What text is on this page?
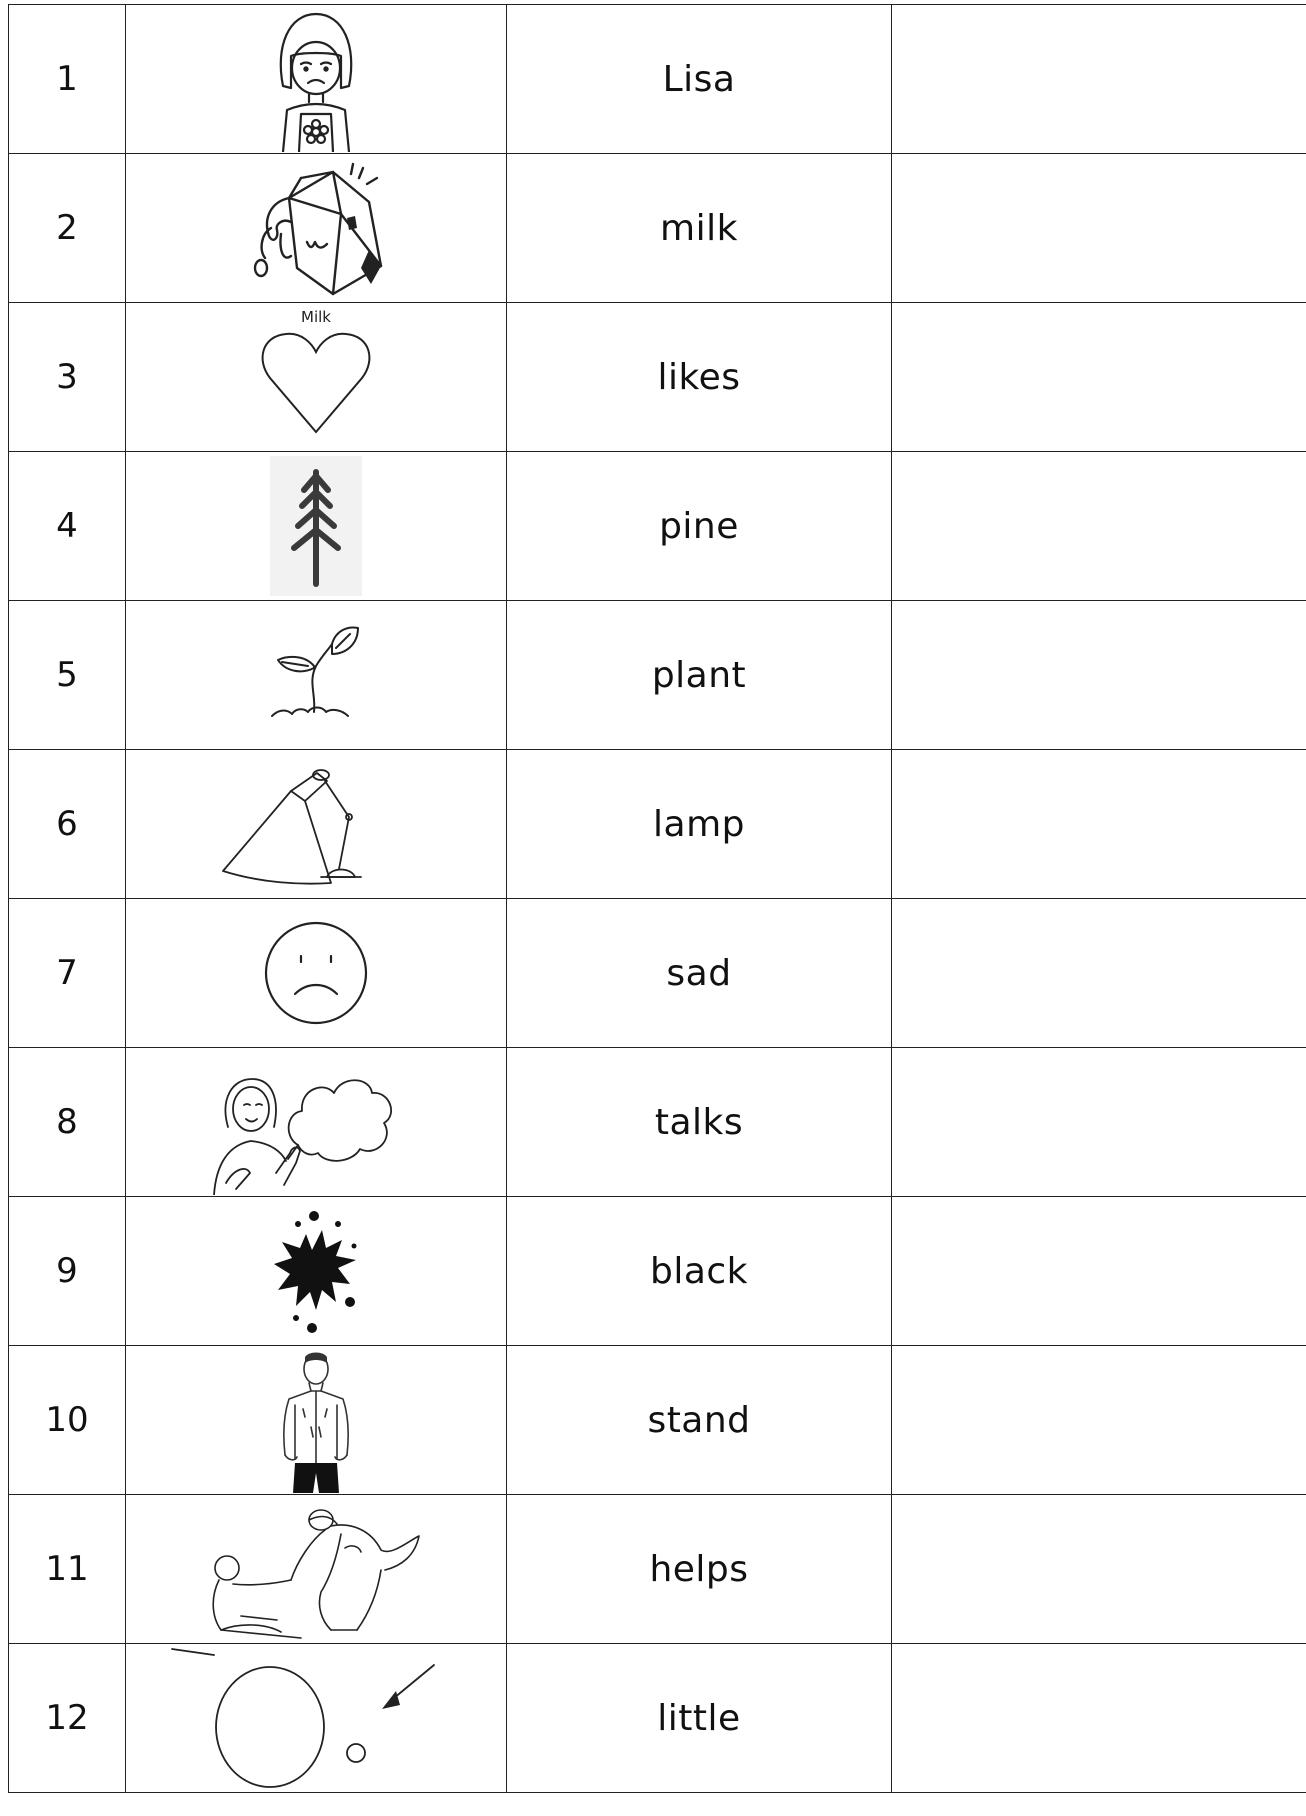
1		Lisa	
2		milk	
3	Milk	likes	
4		pine	
5		plant	
6		lamp	
7		sad	
8		talks	
9		black	
10		stand	
11		helps	
12		little	
